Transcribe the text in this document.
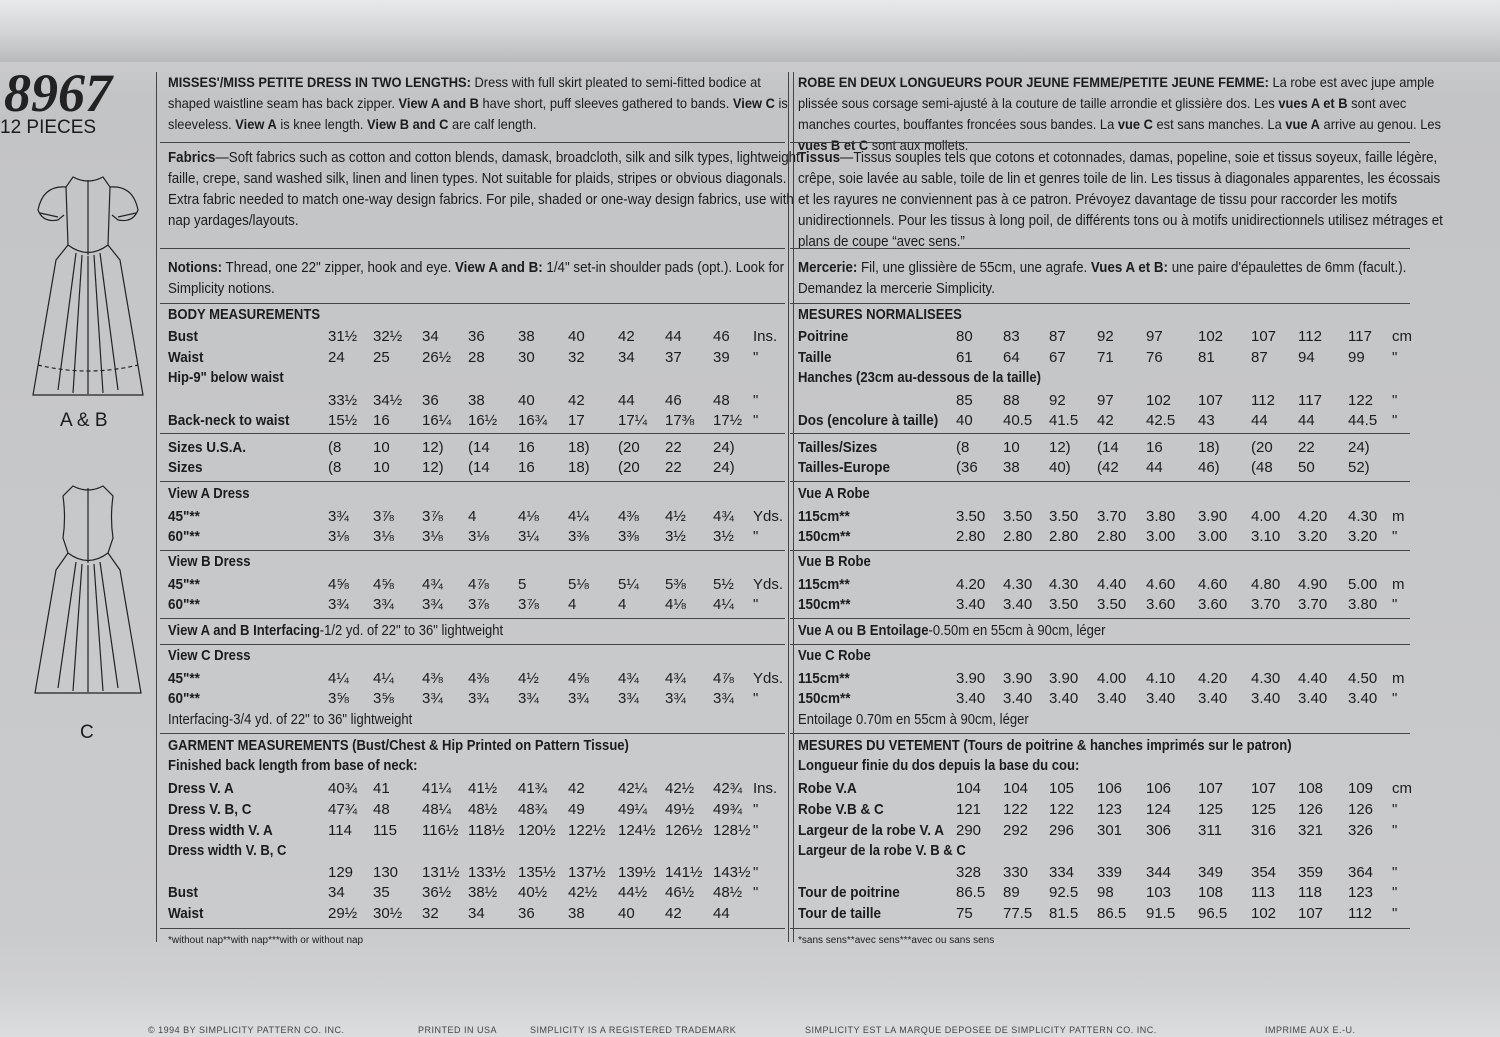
8967
12 PIECES
A & B
C
MISSES'/MISS PETITE DRESS IN TWO LENGTHS: Dress with full skirt pleated to semi-fitted bodice at shaped waistline seam has back zipper. View A and B have short, puff sleeves gathered to bands. View C is sleeveless. View A is knee length. View B and C are calf length.
Fabrics—Soft fabrics such as cotton and cotton blends, damask, broadcloth, silk and silk types, lightweight faille, crepe, sand washed silk, linen and linen types. Not suitable for plaids, stripes or obvious diagonals. Extra fabric needed to match one-way design fabrics. For pile, shaded or one-way design fabrics, use with nap yardages/layouts.
Notions: Thread, one 22" zipper, hook and eye. View A and B: 1/4" set-in shoulder pads (opt.). Look for Simplicity notions.
BODY MEASUREMENTS
Bust	31½ 32½ 34 36 38 40 42 44 46 Ins.
Waist	24 25 26½ 28 30 32 34 37 39 "
Hip-9" below waist
33½ 34½ 36 38 40 42 44 46 48 "
Back-neck to waist	15½ 16 16¼ 16½ 16¾ 17 17¼ 17⅜ 17½ "
Sizes U.S.A.	(8 10 12) (14 16 18) (20 22 24)
Sizes	(8 10 12) (14 16 18) (20 22 24)
View A Dress
45"**	3¾ 3⅞ 3⅞ 4	4⅛ 4¼ 4⅜ 4½ 4¾ Yds.
60"**	3⅛ 3⅛ 3⅛ 3⅛ 3¼ 3⅜ 3⅜ 3½ 3½ "
View B Dress
45"**	4⅝ 4⅝ 4¾ 4⅞ 5	5⅛ 5¼ 5⅜ 5½ Yds.
60"**	3¾ 3¾ 3¾ 3⅞ 3⅞ 4	4	4⅛ 4¼ "
View A and B Interfacing-1/2 yd. of 22" to 36" lightweight
View C Dress
45"**	4¼ 4¼ 4⅜ 4⅜ 4½ 4⅝ 4¾ 4¾ 4⅞ Yds.
60"**	3⅝ 3⅝ 3¾ 3¾ 3¾ 3¾ 3¾ 3¾ 3¾ "
Interfacing-3/4 yd. of 22" to 36" lightweight
GARMENT MEASUREMENTS (Bust/Chest & Hip Printed on Pattern Tissue)
Finished back length from base of neck:
Dress V. A	40¾ 41 41¼ 41½ 41¾ 42 42¼ 42½ 42¾ Ins.
Dress V. B, C	47¾ 48 48¼ 48½ 48¾ 49 49¼ 49½ 49¾ "
Dress width V. A	114 115 116½ 118½ 120½ 122½ 124½ 126½ 128½ "
Dress width V. B, C
129 130 131½ 133½ 135½ 137½ 139½ 141½ 143½ "
Bust	34 35 36½ 38½ 40½ 42½ 44½ 46½ 48½ "
Waist	29½ 30½ 32 34 36 38 40 42 44
*without nap**with nap***with or without nap
ROBE EN DEUX LONGUEURS POUR JEUNE FEMME/PETITE JEUNE FEMME: La robe est avec jupe ample plissée sous corsage semi-ajusté à la couture de taille arrondie et glissière dos. Les vues A et B sont avec manches courtes, bouffantes froncées sous bandes. La vue C est sans manches. La vue A arrive au genou. Les vues B et C sont aux mollets.
Tissus—Tissus souples tels que cotons et cotonnades, damas, popeline, soie et tissus soyeux, faille légère, crêpe, soie lavée au sable, toile de lin et genres toile de lin. Les tissus à diagonales apparentes, les écossais et les rayures ne conviennent pas à ce patron. Prévoyez davantage de tissu pour raccorder les motifs unidirectionnels. Pour les tissus à long poil, de différents tons ou à motifs unidirectionnels utilisez métrages et plans de coupe “avec sens.”
Mercerie: Fil, une glissière de 55cm, une agrafe. Vues A et B: une paire d'épaulettes de 6mm (facult.). Demandez la mercerie Simplicity.
MESURES NORMALISEES
Poitrine	80 83 87 92 97 102 107 112 117 cm
Taille	61 64 67 71 76 81 87 94 99 "
Hanches (23cm au-dessous de la taille)
85 88 92 97 102 107 112 117 122 "
Dos (encolure à taille) 40 40.5 41.5 42 42.5 43 44 44 44.5 "
Tailles/Sizes	(8 10 12) (14 16 18) (20 22 24)
Tailles-Europe	(36 38 40) (42 44 46) (48 50 52)
Vue A Robe
115cm**	3.50 3.50 3.50 3.70 3.80 3.90 4.00 4.20 4.30 m
150cm**	2.80 2.80 2.80 2.80 3.00 3.00 3.10 3.20 3.20 "
Vue B Robe
115cm**	4.20 4.30 4.30 4.40 4.60 4.60 4.80 4.90 5.00 m
150cm**	3.40 3.40 3.50 3.50 3.60 3.60 3.70 3.70 3.80 "
Vue A ou B Entoilage-0.50m en 55cm à 90cm, léger
Vue C Robe
115cm**	3.90 3.90 3.90 4.00 4.10 4.20 4.30 4.40 4.50 m
150cm**	3.40 3.40 3.40 3.40 3.40 3.40 3.40 3.40 3.40 "
Entoilage 0.70m en 55cm à 90cm, léger
MESURES DU VETEMENT (Tours de poitrine & hanches imprimés sur le patron)
Longueur finie du dos depuis la base du cou:
Robe V.A	104 104 105 106 106 107 107 108 109 cm
Robe V.B & C	121 122 122 123 124 125 125 126 126 "
Largeur de la robe V. A 290 292 296 301 306 311 316 321 326 "
Largeur de la robe V. B & C
328 330 334 339 344 349 354 359 364 "
Tour de poitrine	86.5 89 92.5 98 103 108 113 118 123 "
Tour de taille	75 77.5 81.5 86.5 91.5 96.5 102 107 112 "
*sans sens**avec sens***avec ou sans sens
© 1994 BY SIMPLICITY PATTERN CO. INC.	PRINTED IN USA	SIMPLICITY IS A REGISTERED TRADEMARK	SIMPLICITY EST LA MARQUE DEPOSEE DE SIMPLICITY PATTERN CO. INC.	IMPRIME AUX E.-U.
